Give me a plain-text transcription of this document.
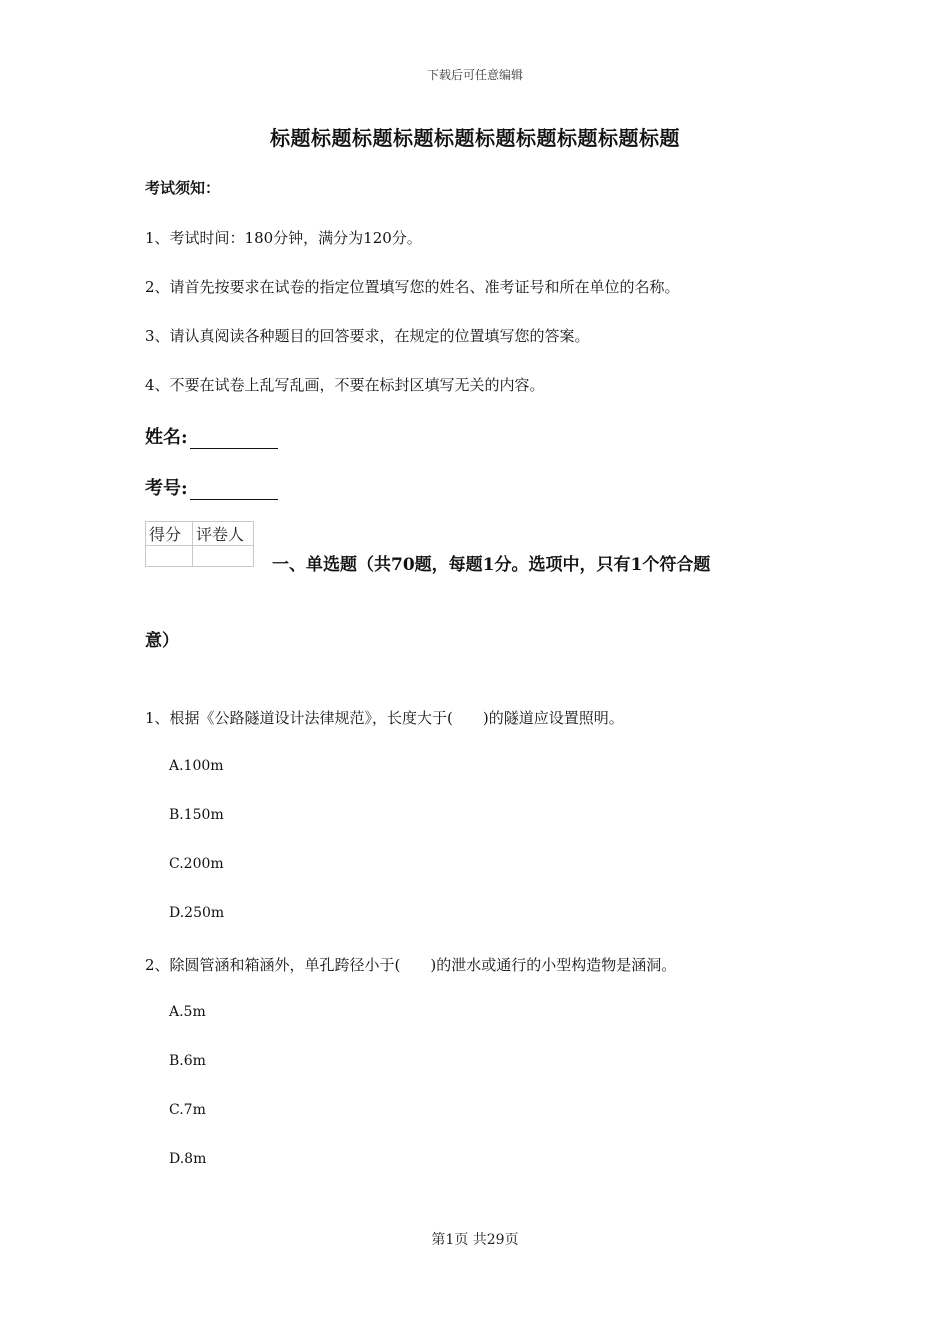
下载后可任意编辑
标题标题标题标题标题标题标题标题标题标题
考试须知：
1、考试时间：180分钟，满分为120分。
2、请首先按要求在试卷的指定位置填写您的姓名、准考证号和所在单位的名称。
3、请认真阅读各种题目的回答要求，在规定的位置填写您的答案。
4、不要在试卷上乱写乱画，不要在标封区填写无关的内容。
姓名:
考号:
得分	评卷人

一、单选题（共70题，每题1分。选项中，只有1个符合题
意）
1、根据《公路隧道设计法律规范》，长度大于(　　)的隧道应设置照明。
A.100m
B.150m
C.200m
D.250m
2、除圆管涵和箱涵外，单孔跨径小于(　　)的泄水或通行的小型构造物是涵洞。
A.5m
B.6m
C.7m
D.8m
第1页 共29页
